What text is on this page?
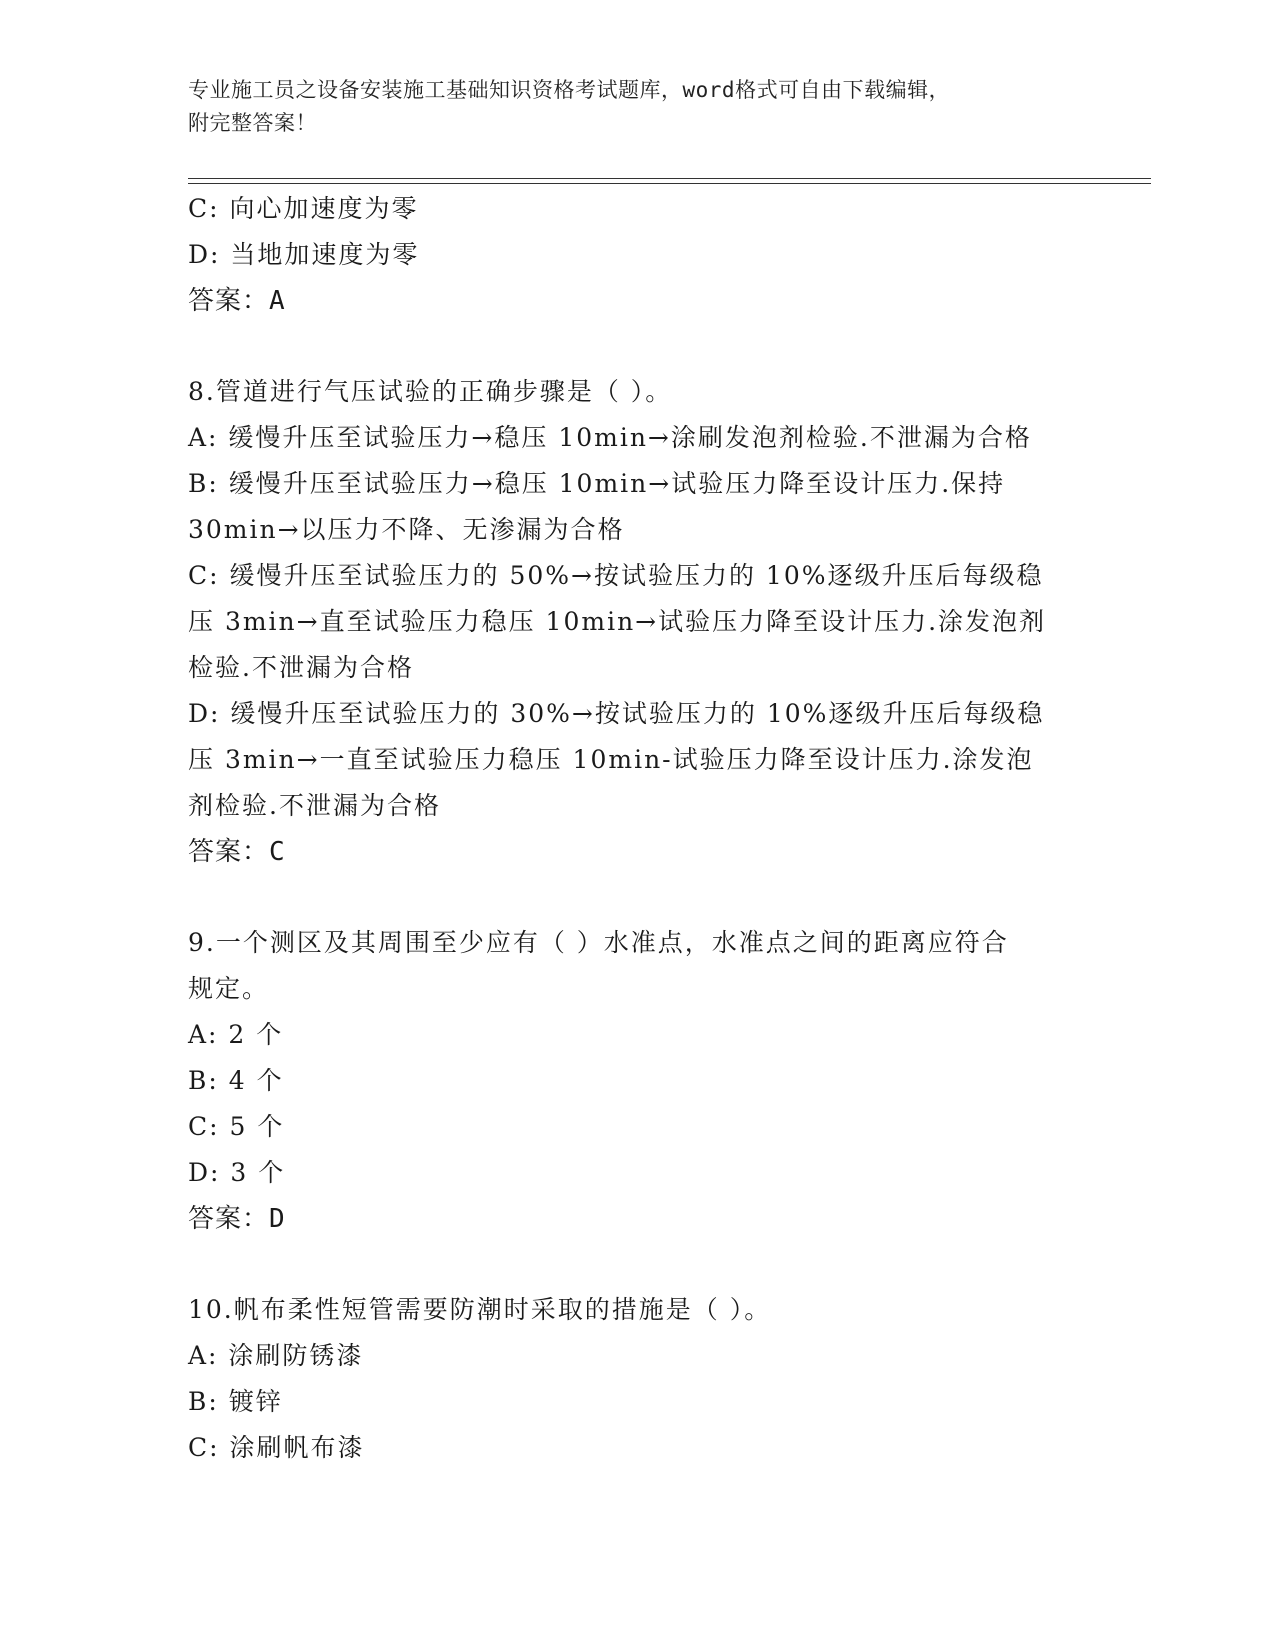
专业施工员之设备安装施工基础知识资格考试题库，word格式可自由下载编辑，
附完整答案！
C: 向心加速度为零
D: 当地加速度为零
答案：A
8.管道进行气压试验的正确步骤是（ ）。
A: 缓慢升压至试验压力→稳压 10min→涂刷发泡剂检验.不泄漏为合格
B: 缓慢升压至试验压力→稳压 10min→试验压力降至设计压力.保持
30min→以压力不降、无渗漏为合格
C: 缓慢升压至试验压力的 50%→按试验压力的 10%逐级升压后每级稳
压 3min→直至试验压力稳压 10min→试验压力降至设计压力.涂发泡剂
检验.不泄漏为合格
D: 缓慢升压至试验压力的 30%→按试验压力的 10%逐级升压后每级稳
压 3min→一直至试验压力稳压 10min-试验压力降至设计压力.涂发泡
剂检验.不泄漏为合格
答案：C
9.一个测区及其周围至少应有（ ）水准点，水准点之间的距离应符合
规定。
A: 2 个
B: 4 个
C: 5 个
D: 3 个
答案：D
10.帆布柔性短管需要防潮时采取的措施是（ ）。
A: 涂刷防锈漆
B: 镀锌
C: 涂刷帆布漆
